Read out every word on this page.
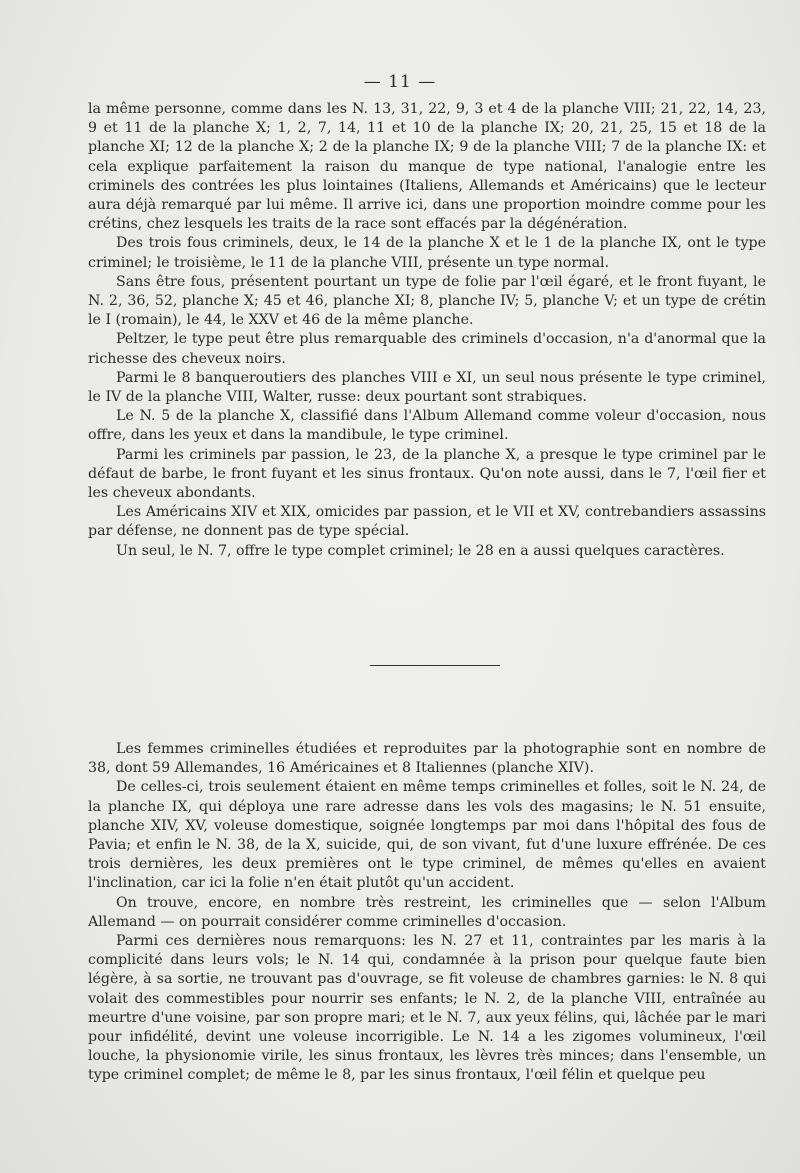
— 11 —

la même personne, comme dans les N. 13, 31, 22, 9, 3 et 4 de la planche VIII; 21, 22, 14, 23, 9 et 11 de la planche X; 1, 2, 7, 14, 11 et 10 de la planche IX; 20, 21, 25, 15 et 18 de la planche XI; 12 de la planche X; 2 de la planche IX; 9 de la planche VIII; 7 de la planche IX: et cela explique parfaitement la raison du manque de type national, l'analogie entre les criminels des contrées les plus lointaines (Italiens, Allemands et Américains) que le lecteur aura déjà remarqué par lui même. Il arrive ici, dans une proportion moindre comme pour les crétins, chez lesquels les traits de la race sont effacés par la dégénération.

Des trois fous criminels, deux, le 14 de la planche X et le 1 de la planche IX, ont le type criminel; le troisième, le 11 de la planche VIII, présente un type normal.

Sans être fous, présentent pourtant un type de folie par l'œil égaré, et le front fuyant, le N. 2, 36, 52, planche X; 45 et 46, planche XI; 8, planche IV; 5, planche V; et un type de crétin le I (romain), le 44, le XXV et 46 de la même planche.

Peltzer, le type peut être plus remarquable des criminels d'occasion, n'a d'anormal que la richesse des cheveux noirs.

Parmi le 8 banqueroutiers des planches VIII e XI, un seul nous présente le type criminel, le IV de la planche VIII, Walter, russe: deux pourtant sont strabiques.

Le N. 5 de la planche X, classifié dans l'Album Allemand comme voleur d'occasion, nous offre, dans les yeux et dans la mandibule, le type criminel.

Parmi les criminels par passion, le 23, de la planche X, a presque le type criminel par le défaut de barbe, le front fuyant et les sinus frontaux. Qu'on note aussi, dans le 7, l'œil fier et les cheveux abondants.

Les Américains XIV et XIX, omicides par passion, et le VII et XV, contrebandiers assassins par défense, ne donnent pas de type spécial.

Un seul, le N. 7, offre le type complet criminel; le 28 en a aussi quelques caractères.

Les femmes criminelles étudiées et reproduites par la photographie sont en nombre de 38, dont 59 Allemandes, 16 Américaines et 8 Italiennes (planche XIV).

De celles-ci, trois seulement étaient en même temps criminelles et folles, soit le N. 24, de la planche IX, qui déploya une rare adresse dans les vols des magasins; le N. 51 ensuite, planche XIV, XV, voleuse domestique, soignée longtemps par moi dans l'hôpital des fous de Pavia; et enfin le N. 38, de la X, suicide, qui, de son vivant, fut d'une luxure effrénée. De ces trois dernières, les deux premières ont le type criminel, de mêmes qu'elles en avaient l'inclination, car ici la folie n'en était plutôt qu'un accident.

On trouve, encore, en nombre très restreint, les criminelles que — selon l'Album Allemand — on pourrait considérer comme criminelles d'occasion.

Parmi ces dernières nous remarquons: les N. 27 et 11, contraintes par les maris à la complicité dans leurs vols; le N. 14 qui, condamnée à la prison pour quelque faute bien légère, à sa sortie, ne trouvant pas d'ouvrage, se fit voleuse de chambres garnies: le N. 8 qui volait des commestibles pour nourrir ses enfants; le N. 2, de la planche VIII, entraînée au meurtre d'une voisine, par son propre mari; et le N. 7, aux yeux félins, qui, lâchée par le mari pour infidélité, devint une voleuse incorrigible. Le N. 14 a les zigomes volumineux, l'œil louche, la physionomie virile, les sinus frontaux, les lèvres très minces; dans l'ensemble, un type criminel complet; de même le 8, par les sinus frontaux, l'œil félin et quelque peu
